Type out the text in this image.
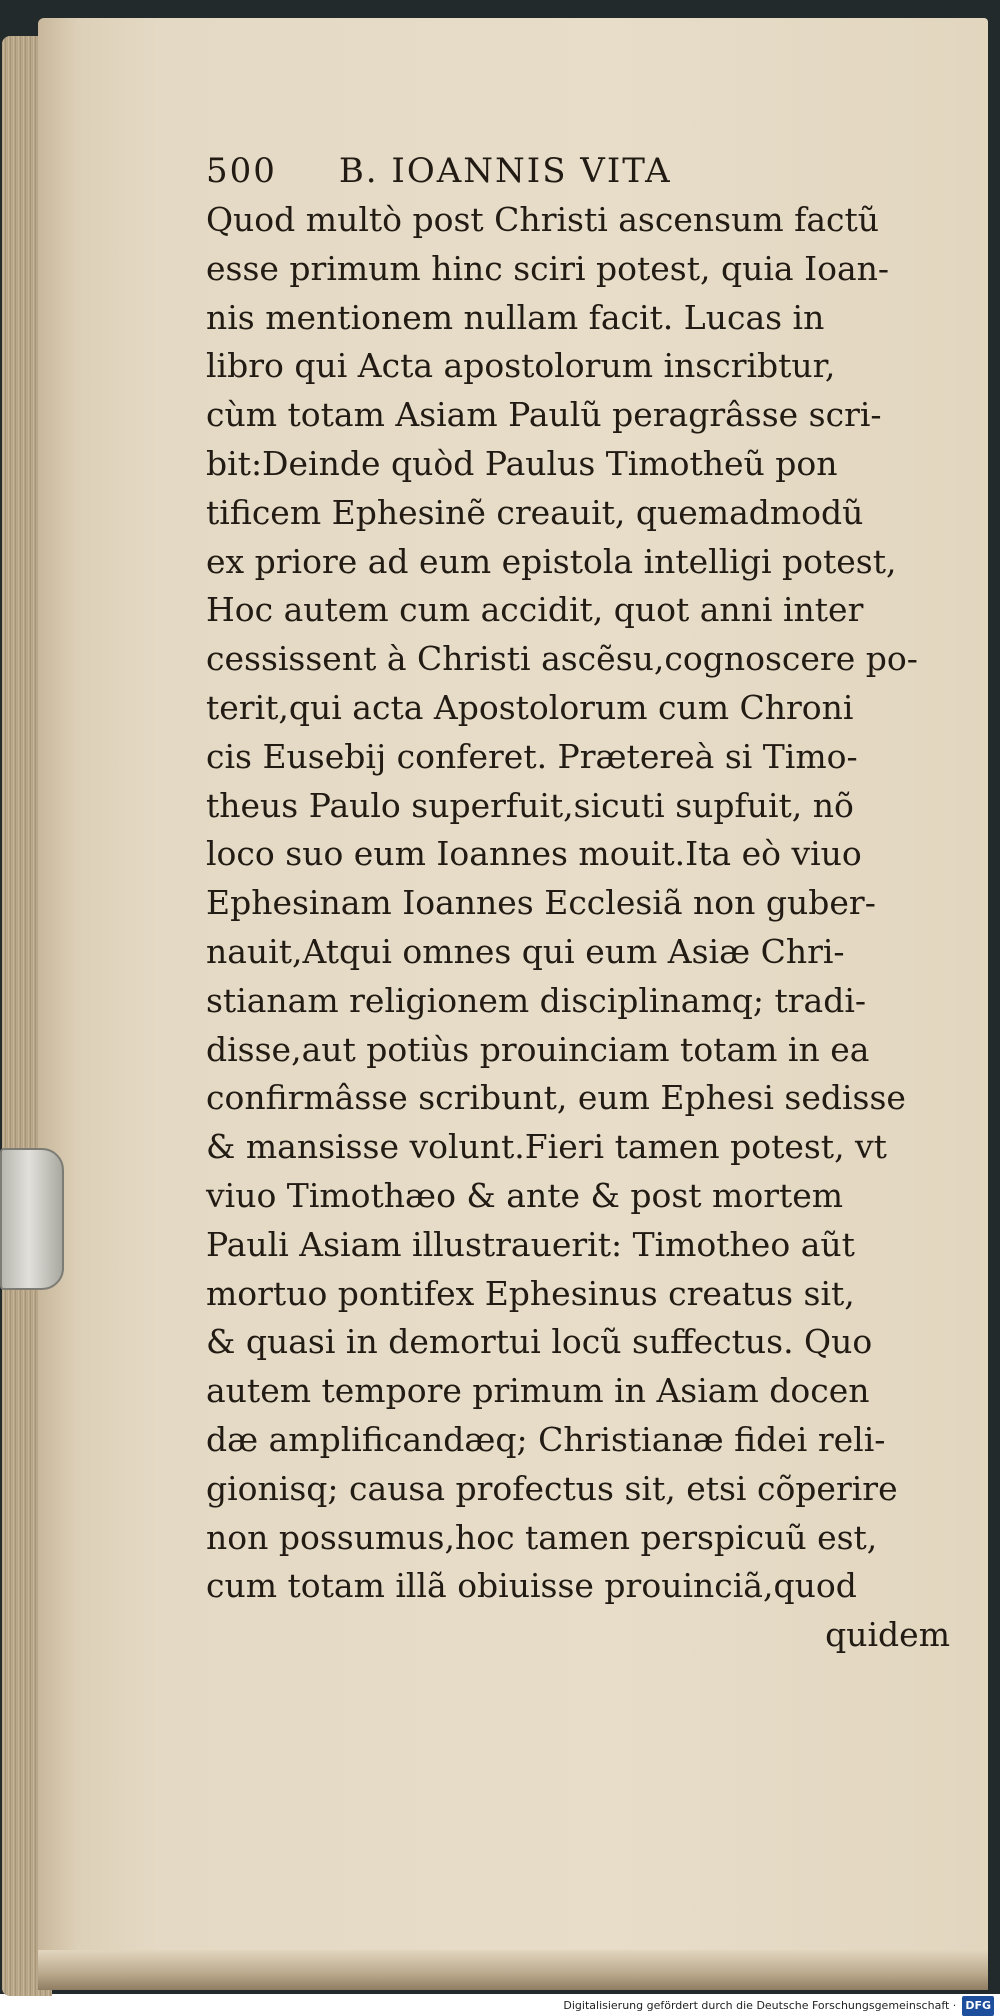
500 B. IOANNIS VITA
Quod multò post Christi ascensum factũ
esse primum hinc sciri potest, quia Ioan-
nis mentionem nullam facit. Lucas in
libro qui Acta apostolorum inscribtur,
cùm totam Asiam Paulũ peragrâsse scri-
bit:Deinde quòd Paulus Timotheũ pon
tificem Ephesinẽ creauit, quemadmodũ
ex priore ad eum epistola intelligi potest,
Hoc autem cum accidit, quot anni inter
cessissent à Christi ascẽsu,cognoscere po-
terit,qui acta Apostolorum cum Chroni
cis Eusebij conferet. Prætereà si Timo-
theus Paulo superfuit,sicuti supfuit, nõ
loco suo eum Ioannes mouit.Ita eò viuo
Ephesinam Ioannes Ecclesiã non guber-
nauit,Atqui omnes qui eum Asiæ Chri-
stianam religionem disciplinamq; tradi-
disse,aut potiùs prouinciam totam in ea
confirmâsse scribunt, eum Ephesi sedisse
& mansisse volunt.Fieri tamen potest, vt
viuo Timothæo & ante & post mortem
Pauli Asiam illustrauerit: Timotheo aũt
mortuo pontifex Ephesinus creatus sit,
& quasi in demortui locũ suffectus. Quo
autem tempore primum in Asiam docen
dæ amplificandæq; Christianæ fidei reli-
gionisq; causa profectus sit, etsi cõperire
non possumus,hoc tamen perspicuũ est,
cum totam illã obiuisse prouinciã,quod
quidem
Digitalisierung gefördert durch die Deutsche Forschungsgemeinschaft · DFG
